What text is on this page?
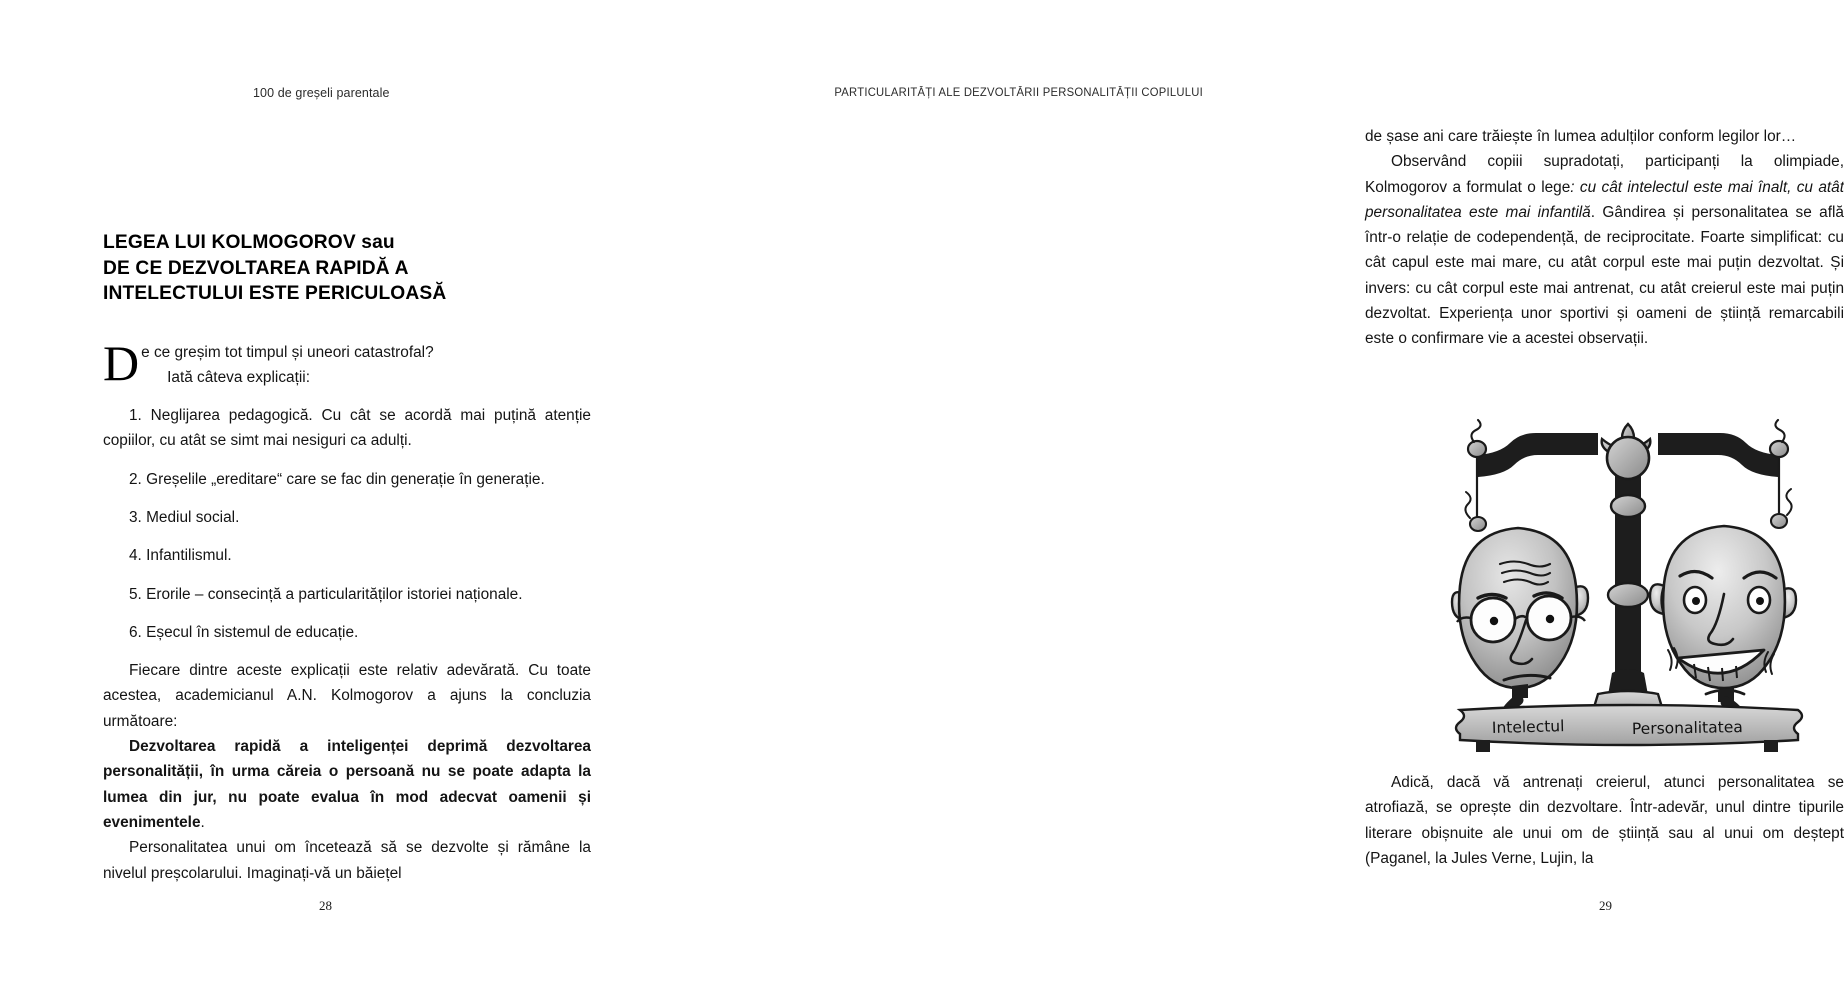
100 de greșeli parentale
LEGEA LUI KOLMOGOROV sau
DE CE DEZVOLTAREA RAPIDĂ A
INTELECTULUI ESTE PERICULOASĂ

De ce greșim tot timpul și uneori catastrofal?
Iată câteva explicații:

1. Neglijarea pedagogică. Cu cât se acordă mai puțină atenție copiilor, cu atât se simt mai nesiguri ca adulți.

2. Greșelile „ereditare“ care se fac din generație în generație.

3. Mediul social.

4. Infantilismul.

5. Erorile – consecință a particularităților istoriei naționale.

6. Eșecul în sistemul de educație.

Fiecare dintre aceste explicații este relativ adevărată. Cu toate acestea, academicianul A.N. Kolmogorov a ajuns la concluzia următoare:

Dezvoltarea rapidă a inteligenței deprimă dezvoltarea personalității, în urma căreia o persoană nu se poate adapta la lumea din jur, nu poate evalua în mod adecvat oamenii și evenimentele.

Personalitatea unui om încetează să se dezvolte și rămâne la nivelul preșcolarului. Imaginați-vă un băiețel

28
PARTICULARITĂȚI ALE DEZVOLTĂRII PERSONALITĂȚII COPILULUI

de șase ani care trăiește în lumea adulților conform legilor lor…

Observând copiii supradotați, participanți la olimpiade, Kolmogorov a formulat o lege: cu cât intelectul este mai înalt, cu atât personalitatea este mai infantilă. Gândirea și personalitatea se află într-o relație de codependență, de reciprocitate. Foarte simplificat: cu cât capul este mai mare, cu atât corpul este mai puțin dezvoltat. Și invers: cu cât corpul este mai antrenat, cu atât creierul este mai puțin dezvoltat. Experiența unor sportivi și oameni de știință remarcabili este o confirmare vie a acestei observații.

Intelectul	Personalitatea

Adică, dacă vă antrenați creierul, atunci personalitatea se atrofiază, se oprește din dezvoltare. Într-adevăr, unul dintre tipurile literare obișnuite ale unui om de știință sau al unui om deștept (Paganel, la Jules Verne, Lujin, la

29
